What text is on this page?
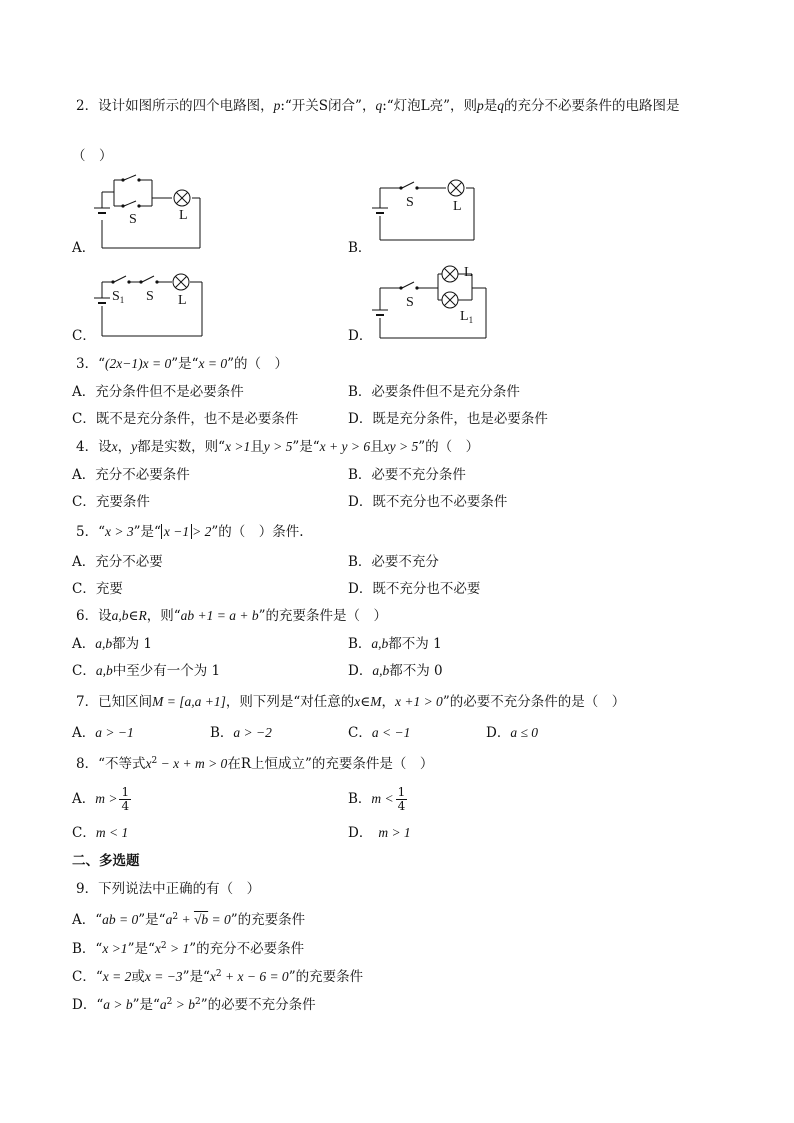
2．设计如图所示的四个电路图，p:“开关S闭合”，q:“灯泡L亮”，则p是q的充分不必要条件的电路图是
（　）
A．
S	L
B．
S	L
C．
$S_1$ S L
D．
S
L
$L_1$
3．“(2x−1)x = 0”是“x = 0”的（　）
A．充分条件但不是必要条件	B．必要条件但不是充分条件
C．既不是充分条件，也不是必要条件	D．既是充分条件，也是必要条件
4．设x，y都是实数，则“x >1且y > 5”是“x + y > 6且xy > 5”的（　）
A．充分不必要条件	B．必要不充分条件
C．充要条件	D．既不充分也不必要条件
5．“x > 3”是“ x −1 > 2”的（　）条件.
A．充分不必要	B．必要不充分
C．充要	D．既不充分也不必要
6．设a,b∈R，则“ab +1 = a + b”的充要条件是（　）
A．a,b都为 1	B．a,b都不为 1
C．a,b中至少有一个为 1	D．a,b都不为 0
7．已知区间M = [a,a +1]，则下列是“对任意的x∈M，x +1 > 0”的必要不充分条件的是（　）
A．a > −1	B．a > −2	C．a < −1	D．a ≤ 0
8．“不等式$x^2 - x + m > 0$在R上恒成立”的充要条件是（　）
A．$m > \frac{1}{4}$	B．$m < \frac{1}{4}$
C．m < 1	D． m > 1
二、多选题
9．下列说法中正确的有（　）
A．“ab = 0”是“$a^2 + √b = 0$”的充要条件
B．“x >1”是“$x^2 > 1$”的充分不必要条件
C．“x = 2或x = −3”是“$x^2 + x - 6 = 0$”的充要条件
D．“a > b”是“$a^2 > b^2$”的必要不充分条件
